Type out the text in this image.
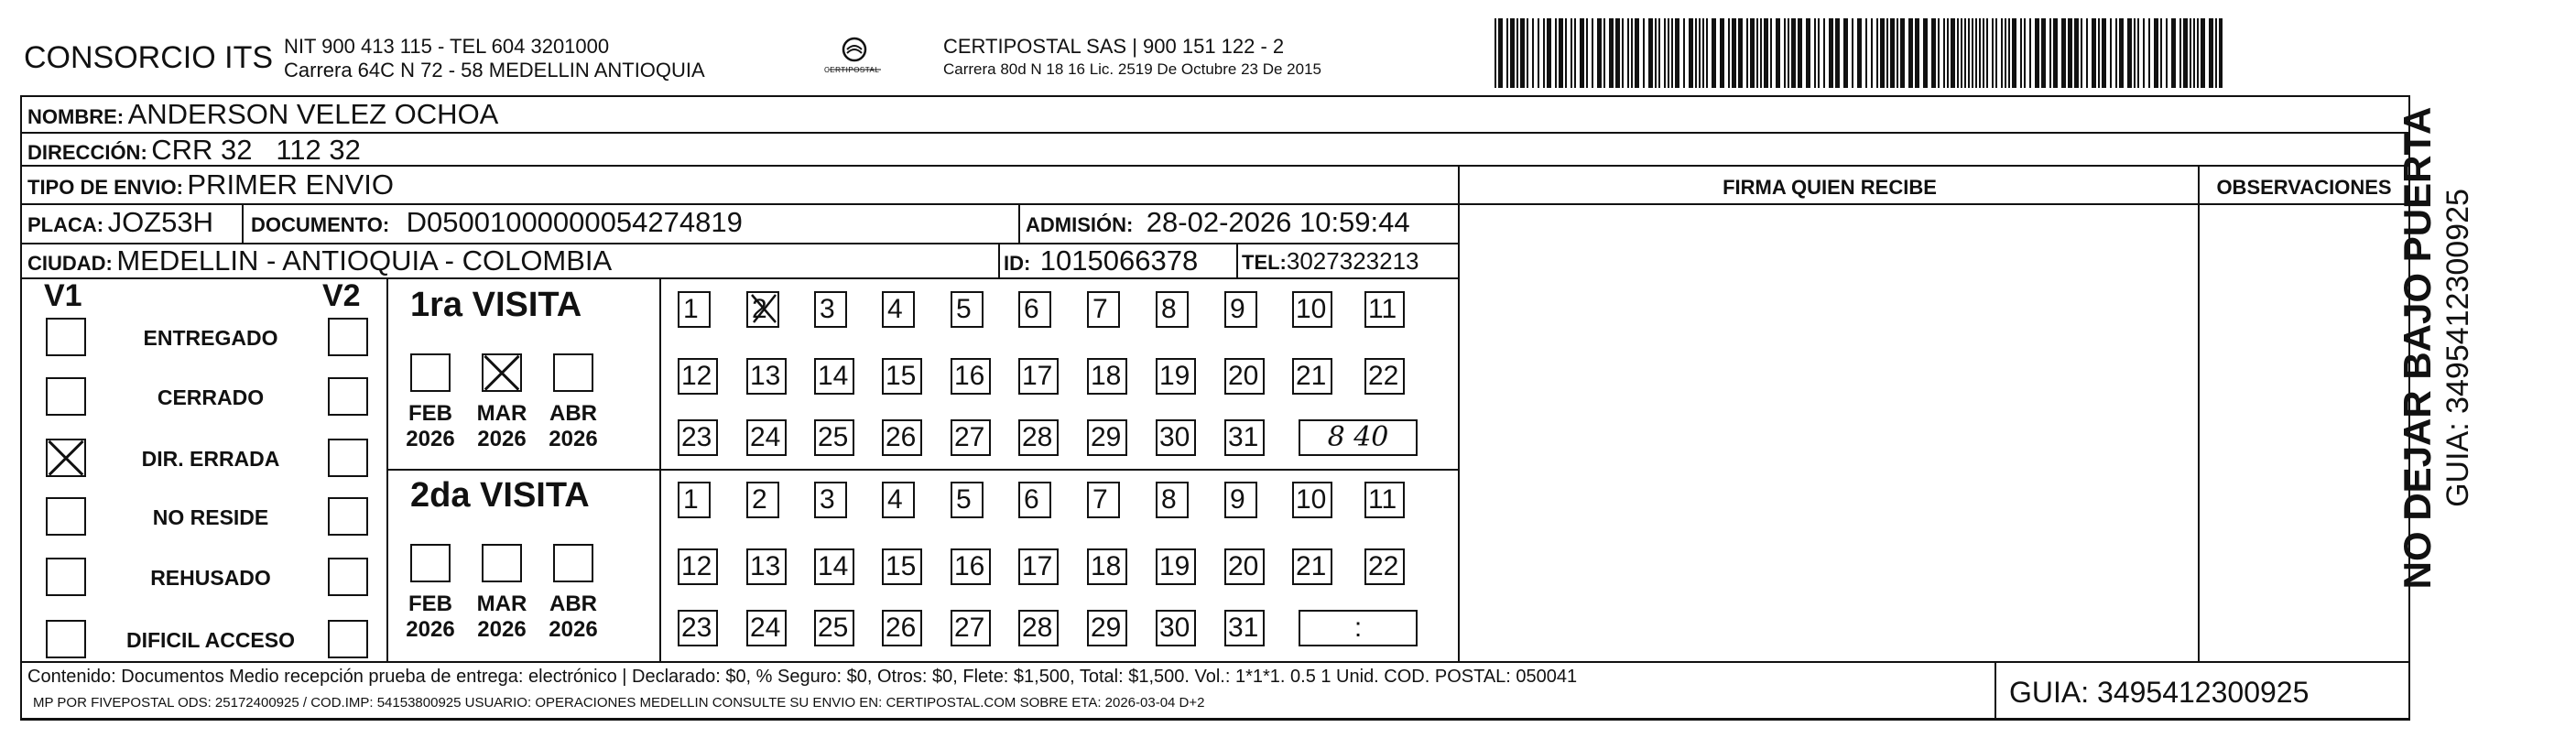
CONSORCIO ITS NIT 900 413 115 - TEL 604 3201000
Carrera 64C N 72 - 58 MEDELLIN ANTIOQUIA	CERTIPOSTAL
CERTIPOSTAL SAS | 900 151 122 - 2
Carrera 80d N 18 16 Lic. 2519 De Octubre 23 De 2015
NOMBRE: ANDERSON VELEZ OCHOA
DIRECCIÓN: CRR 32   112 32
TIPO DE ENVIO: PRIMER ENVIO	FIRMA QUIEN RECIBE	OBSERVACIONES
PLACA: JOZ53H DOCUMENTO: D05001000000054274819	ADMISIÓN: 28-02-2026 10:59:44
CIUDAD: MEDELLIN - ANTIOQUIA - COLOMBIA	ID: 1015066378 TEL:3027323213
V1	V2
ENTREGADO
CERRADO
DIR. ERRADA
NO RESIDE
REHUSADO
DIFICIL ACCESO
1ra VISITA
2da VISITA
FEB
2026
MAR
2026
ABR
2026
1	2	3	4	5	6	7	8	9	10 11
12 13 14 15 16 17 18 19 20 21 22
23 24 25 26 27 28 29 30 31	8 40
FEB
2026
MAR
2026
ABR
2026
1	2	3	4	5	6	7	8	9	10 11
12 13 14 15 16 17 18 19 20 21 22
23 24 25 26 27 28 29 30 31	:
Contenido: Documentos Medio recepción prueba de entrega: electrónico | Declarado: $0, % Seguro: $0, Otros: $0, Flete: $1,500, Total: $1,500. Vol.: 1*1*1. 0.5 1 Unid. COD. POSTAL: 050041
MP POR FIVEPOSTAL ODS: 25172400925 / COD.IMP: 54153800925 USUARIO: OPERACIONES MEDELLIN CONSULTE SU ENVIO EN: CERTIPOSTAL.COM SOBRE ETA: 2026-03-04 D+2	GUIA: 3495412300925
NO DEJAR BAJO PUERTA GUIA: 3495412300925
